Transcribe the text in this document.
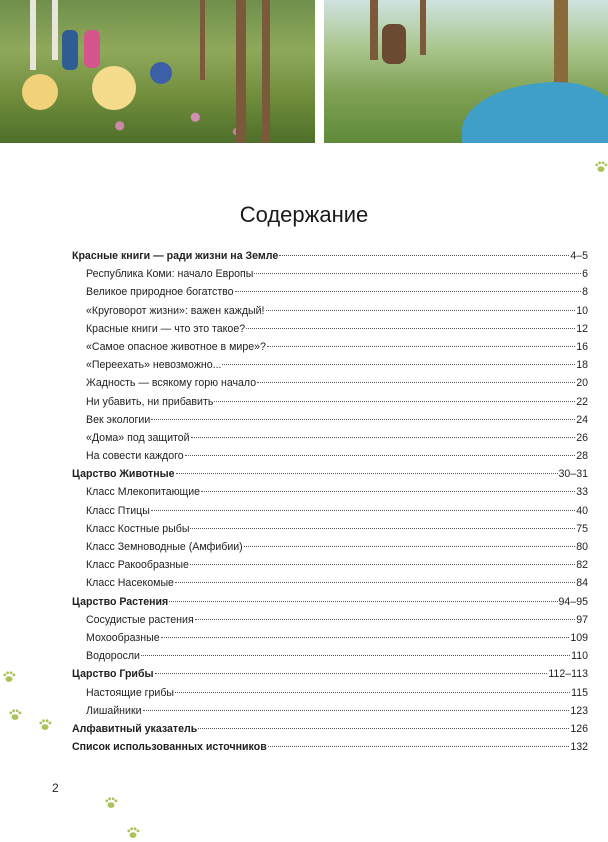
Содержание
Красные книги — ради жизни на Земле	4–5
Республика Коми: начало Европы	6
Великое природное богатство	8
«Круговорот жизни»: важен каждый!	10
Красные книги — что это такое?	12
«Самое опасное животное в мире»?	16
«Переехать» невозможно...	18
Жадность — всякому горю начало	20
Ни убавить, ни прибавить	22
Век экологии	24
«Дома» под защитой	26
На совести каждого	28
Царство Животные	30–31
Класс Млекопитающие	33
Класс Птицы	40
Класс Костные рыбы	75
Класс Земноводные (Амфибии)	80
Класс Ракообразные	82
Класс Насекомые	84
Царство Растения	94–95
Сосудистые растения	97
Мохообразные	109
Водоросли	110
Царство Грибы	112–113
Настоящие грибы	115
Лишайники	123
Алфавитный указатель	126
Список использованных источников	132
2
